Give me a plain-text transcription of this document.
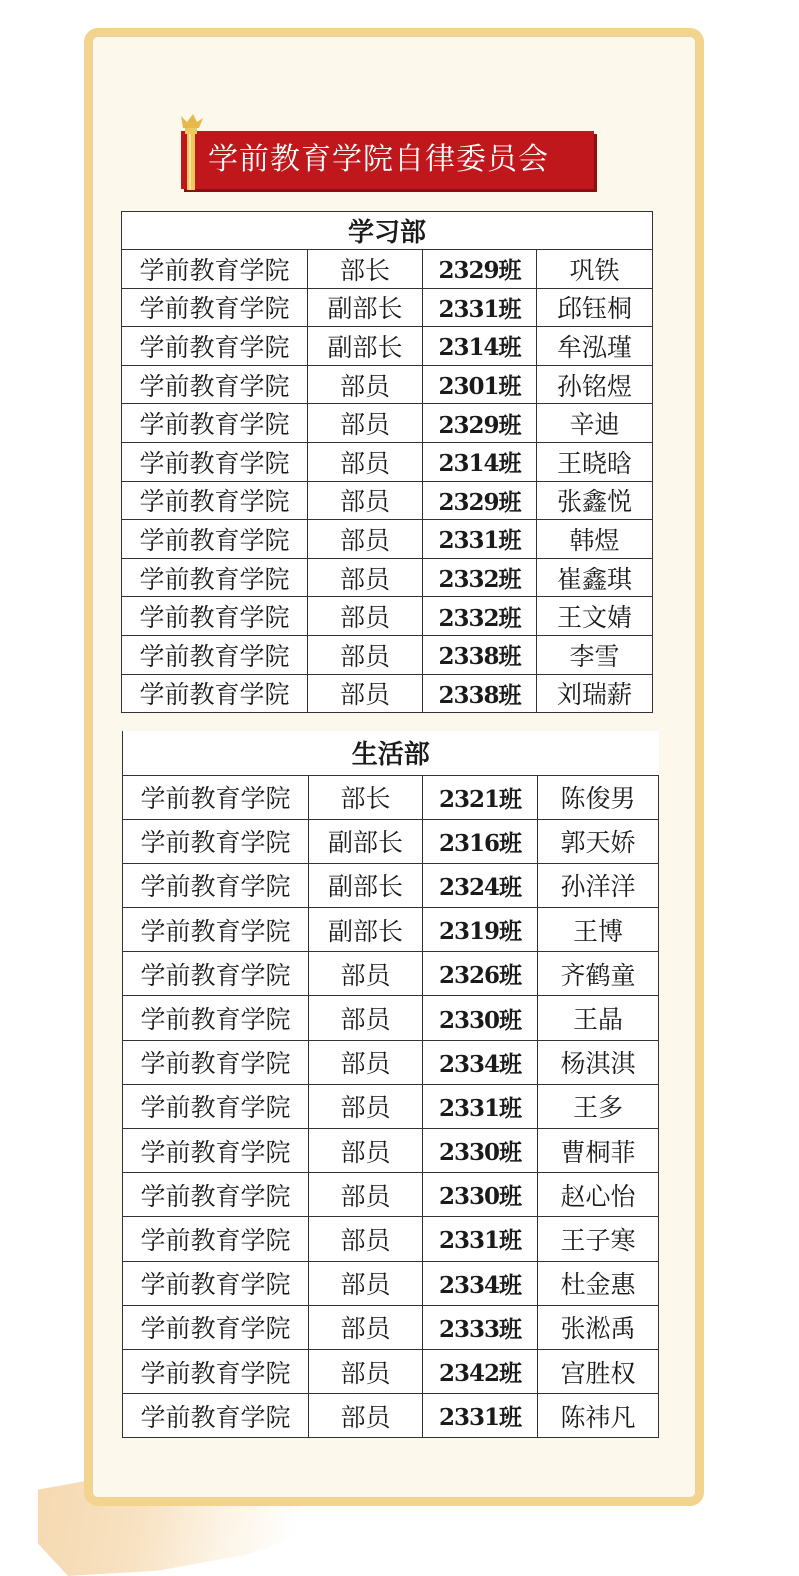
学前教育学院自律委员会
学习部			
学前教育学院	部长	2329班	巩铁
学前教育学院	副部长	2331班	邱钰桐
学前教育学院	副部长	2314班	牟泓瑾
学前教育学院	部员	2301班	孙铭煜
学前教育学院	部员	2329班	辛迪
学前教育学院	部员	2314班	王晓晗
学前教育学院	部员	2329班	张鑫悦
学前教育学院	部员	2331班	韩煜
学前教育学院	部员	2332班	崔鑫琪
学前教育学院	部员	2332班	王文婧
学前教育学院	部员	2338班	李雪
学前教育学院	部员	2338班	刘瑞薪
生活部			
学前教育学院	部长	2321班	陈俊男
学前教育学院	副部长	2316班	郭天娇
学前教育学院	副部长	2324班	孙洋洋
学前教育学院	副部长	2319班	王博
学前教育学院	部员	2326班	齐鹤童
学前教育学院	部员	2330班	王晶
学前教育学院	部员	2334班	杨淇淇
学前教育学院	部员	2331班	王多
学前教育学院	部员	2330班	曹桐菲
学前教育学院	部员	2330班	赵心怡
学前教育学院	部员	2331班	王子寒
学前教育学院	部员	2334班	杜金惠
学前教育学院	部员	2333班	张淞禹
学前教育学院	部员	2342班	宫胜权
学前教育学院	部员	2331班	陈祎凡
